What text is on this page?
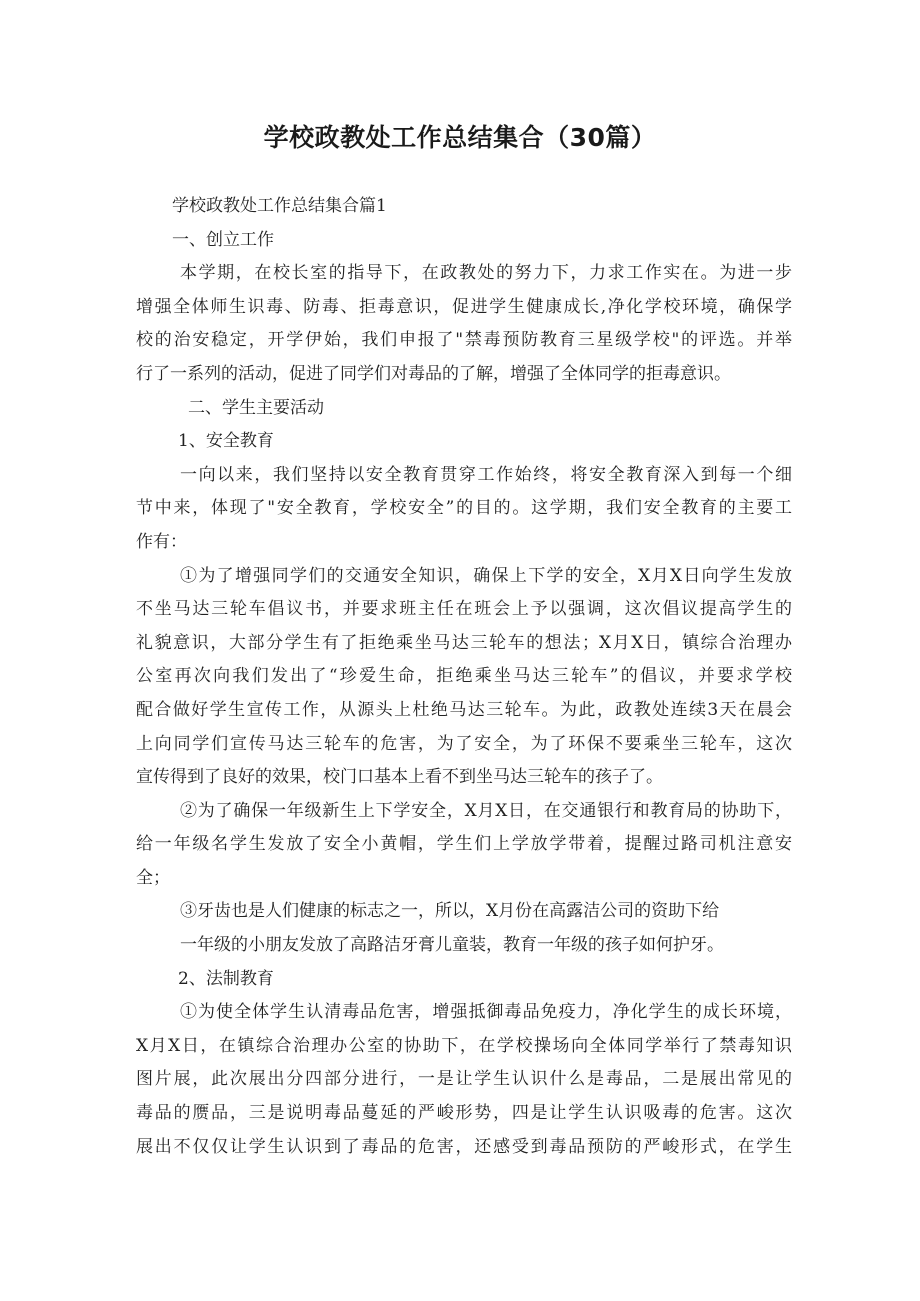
学校政教处工作总结集合（30篇）
学校政教处工作总结集合篇1
一、创立工作
本学期，在校长室的指导下，在政教处的努力下，力求工作实在。为进一步
增强全体师生识毒、防毒、拒毒意识，促进学生健康成长,净化学校环境，确保学
校的治安稳定，开学伊始，我们申报了"禁毒预防教育三星级学校"的评选。并举
行了一系列的活动，促进了同学们对毒品的了解，增强了全体同学的拒毒意识。
二、学生主要活动
1、安全教育
一向以来，我们坚持以安全教育贯穿工作始终，将安全教育深入到每一个细
节中来，体现了"安全教育，学校安全”的目的。这学期，我们安全教育的主要工
作有：
①为了增强同学们的交通安全知识，确保上下学的安全，X月X日向学生发放
不坐马达三轮车倡议书，并要求班主任在班会上予以强调，这次倡议提高学生的
礼貌意识，大部分学生有了拒绝乘坐马达三轮车的想法；X月X日，镇综合治理办
公室再次向我们发出了“珍爱生命，拒绝乘坐马达三轮车”的倡议，并要求学校
配合做好学生宣传工作，从源头上杜绝马达三轮车。为此，政教处连续3天在晨会
上向同学们宣传马达三轮车的危害，为了安全，为了环保不要乘坐三轮车，这次
宣传得到了良好的效果，校门口基本上看不到坐马达三轮车的孩子了。
②为了确保一年级新生上下学安全，X月X日，在交通银行和教育局的协助下，
给一年级名学生发放了安全小黄帽，学生们上学放学带着，提醒过路司机注意安
全；
③牙齿也是人们健康的标志之一，所以，X月份在高露洁公司的资助下给
一年级的小朋友发放了高路洁牙膏儿童装，教育一年级的孩子如何护牙。
2、法制教育
①为使全体学生认清毒品危害，增强抵御毒品免疫力，净化学生的成长环境，
X月X日，在镇综合治理办公室的协助下，在学校操场向全体同学举行了禁毒知识
图片展，此次展出分四部分进行，一是让学生认识什么是毒品，二是展出常见的
毒品的赝品，三是说明毒品蔓延的严峻形势，四是让学生认识吸毒的危害。这次
展出不仅仅让学生认识到了毒品的危害，还感受到毒品预防的严峻形式，在学生
